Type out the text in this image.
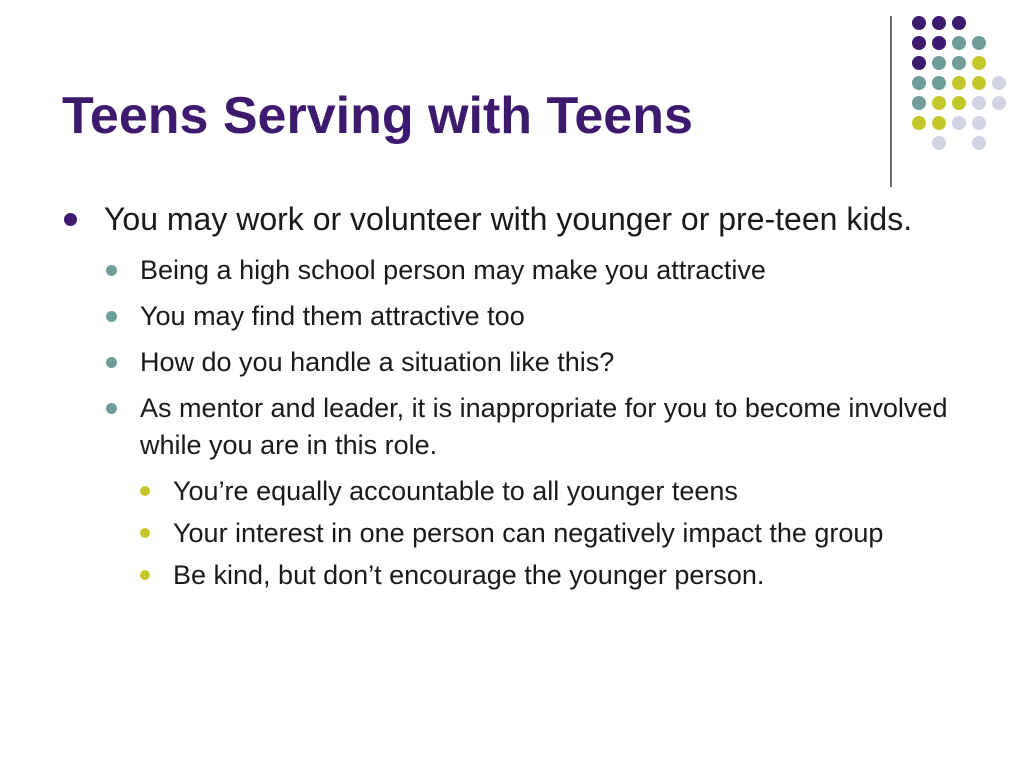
Teens Serving with Teens
You may work or volunteer with younger or pre-teen kids.
Being a high school person may make you attractive
You may find them attractive too
How do you handle a situation like this?
As mentor and leader, it is inappropriate for you to become involved while you are in this role.
You’re equally accountable to all younger teens
Your interest in one person can negatively impact the group
Be kind, but don’t encourage the younger person.
